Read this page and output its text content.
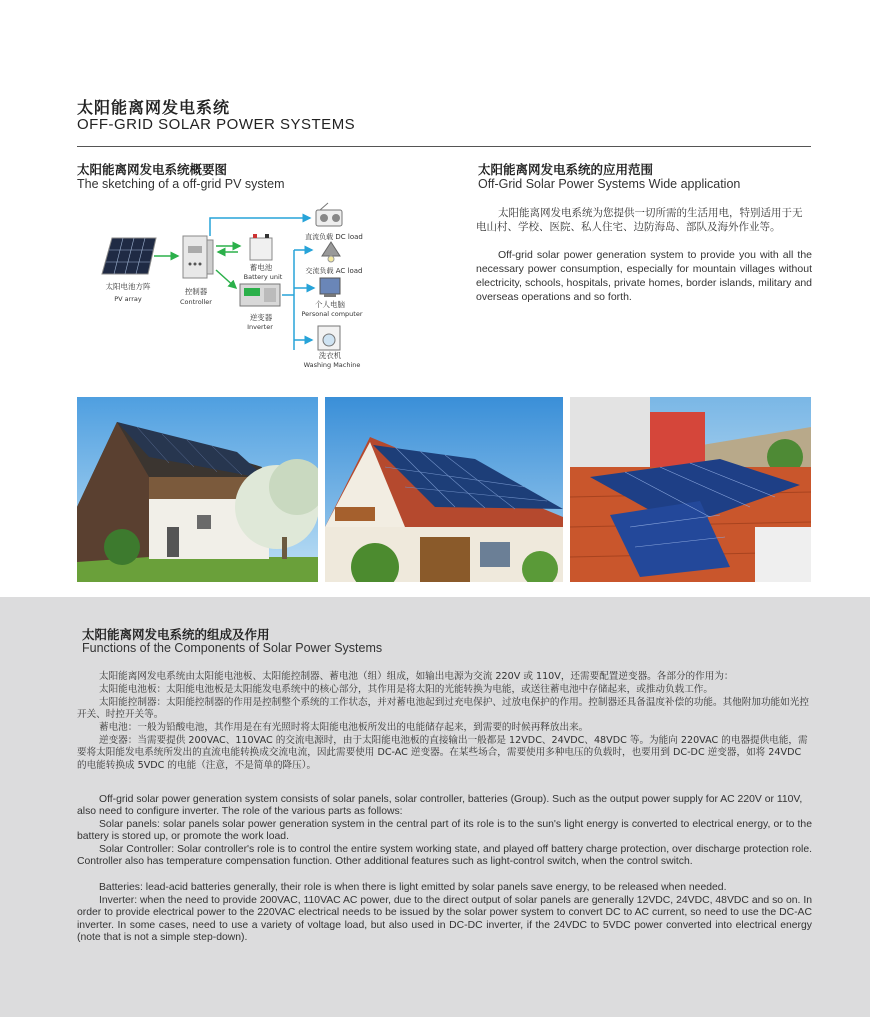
太阳能离网发电系统
OFF-GRID SOLAR POWER SYSTEMS
太阳能离网发电系统概要图
The sketching of a off-grid PV system
太阳能离网发电系统的应用范围
Off-Grid Solar Power Systems Wide application
太阳能离网发电系统为您提供一切所需的生活用电，特别适用于无电山村、学校、医院、私人住宅、边防海岛、部队及海外作业等。
Off-grid solar power generation system to provide you with all the necessary power consumption, especially for mountain villages without electricity, schools, hospitals, private homes, border islands, military and overseas operations and so forth.
太阳电池方阵
PV array
控制器
Controller
蓄电池
Battery unit
逆变器
Inverter
直流负载 DC load
交流负载 AC load
个人电脑
Personal computer
洗衣机
Washing Machine
太阳能离网发电系统的组成及作用
Functions of the Components of Solar Power Systems
太阳能离网发电系统由太阳能电池板、太阳能控制器、蓄电池（组）组成，如输出电源为交流 220V 或 110V，还需要配置逆变器。各部分的作用为：
太阳能电池板：太阳能电池板是太阳能发电系统中的核心部分，其作用是将太阳的光能转换为电能，或送往蓄电池中存储起来，或推动负载工作。
太阳能控制器：太阳能控制器的作用是控制整个系统的工作状态，并对蓄电池起到过充电保护、过放电保护的作用。控制器还具备温度补偿的功能。其他附加功能如光控开关、时控开关等。
蓄电池：一般为铅酸电池，其作用是在有光照时将太阳能电池板所发出的电能储存起来，到需要的时候再释放出来。
逆变器：当需要提供 200VAC、110VAC 的交流电源时，由于太阳能电池板的直接输出一般都是 12VDC、24VDC、48VDC 等。为能向 220VAC 的电器提供电能，需要将太阳能发电系统所发出的直流电能转换成交流电流，因此需要使用 DC-AC 逆变器。在某些场合，需要使用多种电压的负载时，也要用到 DC-DC 逆变器，如将 24VDC 的电能转换成 5VDC 的电能（注意，不是简单的降压）。
Off-grid solar power generation system consists of solar panels, solar controller, batteries (Group). Such as the output power supply for AC 220V or 110V, also need to configure inverter. The role of the various parts as follows:
Solar panels: solar panels solar power generation system in the central part of its role is to the sun's light energy is converted to electrical energy, or to the battery is stored up, or promote the work load.
Solar Controller: Solar controller's role is to control the entire system working state, and played off battery charge protection, over discharge protection role. Controller also has temperature compensation function. Other additional features such as light-control switch, when the control switch.
Batteries: lead-acid batteries generally, their role is when there is light emitted by solar panels save energy, to be released when needed.
Inverter: when the need to provide 200VAC, 110VAC AC power, due to the direct output of solar panels are generally 12VDC, 24VDC, 48VDC and so on. In order to provide electrical power to the 220VAC electrical needs to be issued by the solar power system to convert DC to AC current, so need to use the DC-AC inverter. In some cases, need to use a variety of voltage load, but also used in DC-DC inverter, if the 24VDC to 5VDC power converted into electrical energy (note that is not a simple step-down).
